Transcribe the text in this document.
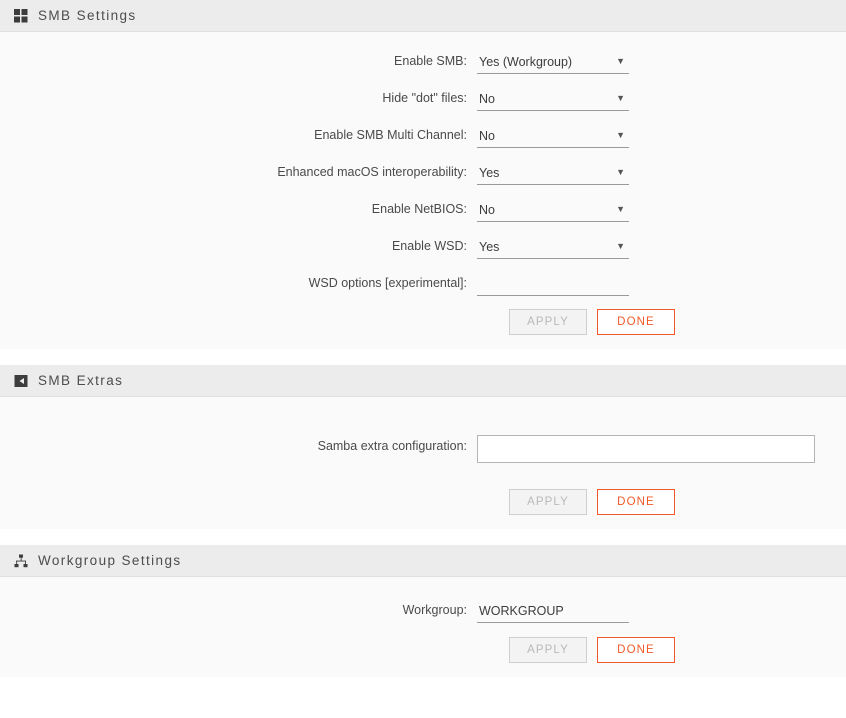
SMB Settings
Enable SMB: Yes (Workgroup)	▼
Hide "dot" files: No	▼
Enable SMB Multi Channel: No	▼
Enhanced macOS interoperability: Yes	▼
Enable NetBIOS: No	▼
Enable WSD: Yes	▼
WSD options [experimental]:
APPLY	DONE
SMB Extras
Samba extra configuration:
APPLY	DONE
Workgroup Settings
Workgroup: WORKGROUP
APPLY	DONE
